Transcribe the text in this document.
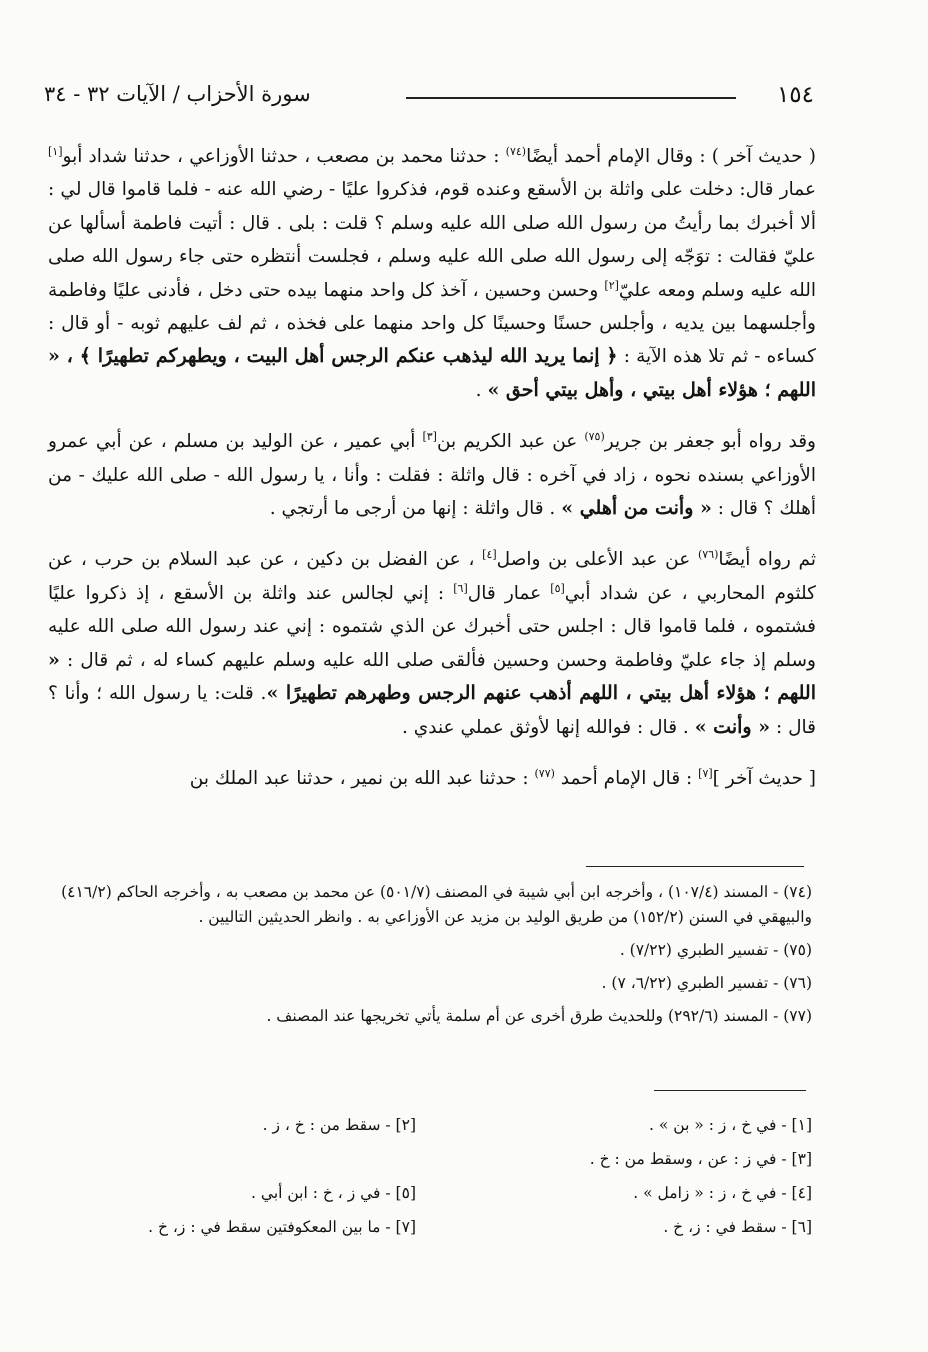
١٥٤
سورة الأحزاب / الآيات ٣٢ - ٣٤

( حديث آخر ) : وقال الإمام أحمد أيضًا$^{(٧٤)}$ : حدثنا محمد بن مصعب ، حدثنا الأوزاعي ، حدثنا شداد أبو[١] عمار قال: دخلت على واثلة بن الأسقع وعنده قوم، فذكروا عليًا - رضي الله عنه - فلما قاموا قال لي : ألا أخبرك بما رأيتُ من رسول الله صلى الله عليه وسلم ؟ قلت : بلى . قال : أتيت فاطمة أسألها عن عليّ فقالت : توَجّه إلى رسول الله صلى الله عليه وسلم ، فجلست أنتظره حتى جاء رسول الله صلى الله عليه وسلم ومعه عليّ[٢] وحسن وحسين ، آخذ كل واحد منهما بيده حتى دخل ، فأدنى عليًا وفاطمة وأجلسهما بين يديه ، وأجلس حسنًا وحسينًا كل واحد منهما على فخذه ، ثم لف عليهم ثوبه - أو قال : كساءه - ثم تلا هذه الآية : ﴿ إنما يريد الله ليذهب عنكم الرجس أهل البيت ، ويطهركم تطهيرًا ﴾ ، « اللهم ؛ هؤلاء أهل بيتي ، وأهل بيتي أحق » .

وقد رواه أبو جعفر بن جرير$^{(٧٥)}$ عن عبد الكريم بن[٣] أبي عمير ، عن الوليد بن مسلم ، عن أبي عمرو الأوزاعي بسنده نحوه ، زاد في آخره : قال واثلة : فقلت : وأنا ، يا رسول الله - صلى الله عليك - من أهلك ؟ قال : « وأنت من أهلي » . قال واثلة : إنها من أرجى ما أرتجي .

ثم رواه أيضًا$^{(٧٦)}$ عن عبد الأعلى بن واصل[٤] ، عن الفضل بن دكين ، عن عبد السلام بن حرب ، عن كلثوم المحاربي ، عن شداد أبي[٥] عمار قال[٦] : إني لجالس عند واثلة بن الأسقع ، إذ ذكروا عليًا فشتموه ، فلما قاموا قال : اجلس حتى أخبرك عن الذي شتموه : إني عند رسول الله صلى الله عليه وسلم إذ جاء عليّ وفاطمة وحسن وحسين فألقى صلى الله عليه وسلم عليهم كساء له ، ثم قال : « اللهم ؛ هؤلاء أهل بيتي ، اللهم أذهب عنهم الرجس وطهرهم تطهيرًا ». قلت: يا رسول الله ؛ وأنا ؟ قال : « وأنت » . قال : فوالله إنها لأوثق عملي عندي .

[ حديث آخر ][٧] : قال الإمام أحمد $^{(٧٧)}$ : حدثنا عبد الله بن نمير ، حدثنا عبد الملك بن

(٧٤) - المسند (١٠٧/٤) ، وأخرجه ابن أبي شيبة في المصنف (٥٠١/٧) عن محمد بن مصعب به ، وأخرجه الحاكم (٤١٦/٢) والبيهقي في السنن (١٥٢/٢) من طريق الوليد بن مزيد عن الأوزاعي به . وانظر الحديثين التاليين .

(٧٥) - تفسير الطبري (٧/٢٢) .

(٧٦) - تفسير الطبري (٦/٢٢، ٧) .

(٧٧) - المسند (٢٩٢/٦) وللحديث طرق أخرى عن أم سلمة يأتي تخريجها عند المصنف .

[١] - في خ ، ز : « بن » .
[٢] - سقط من : خ ، ز .
[٣] - في ز : عن ، وسقط من : خ .
[٤] - في خ ، ز : « زامل » .
[٥] - في ز ، خ : ابن أبي .
[٦] - سقط في : ز، خ .
[٧] - ما بين المعكوفتين سقط في : ز، خ .
